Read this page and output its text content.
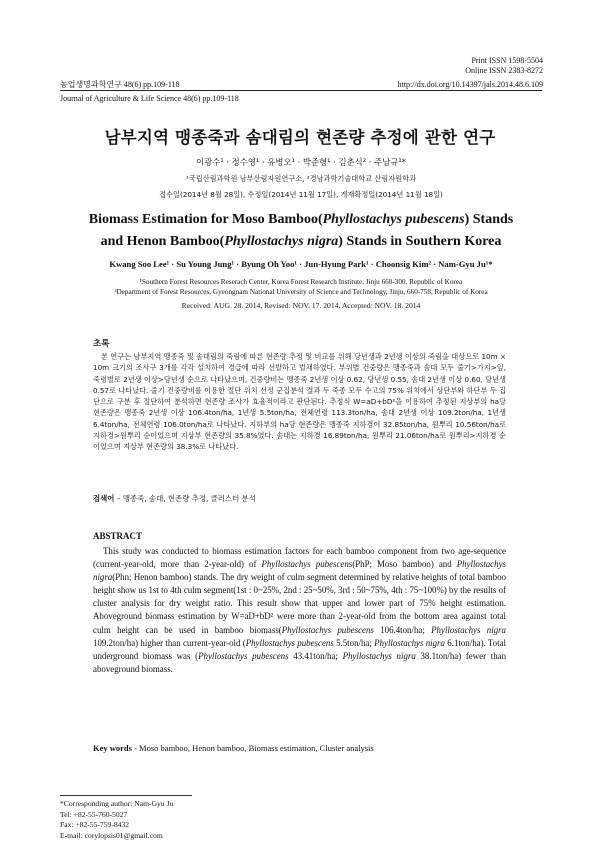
Print ISSN 1598-5504
Online ISSN 2383-8272
농업생명과학연구 48(6) pp.109-118	http://dx.doi.org/10.14397/jals.2014.48.6.109
Journal of Agriculture & Life Science 48(6) pp.109-118
남부지역 맹종죽과 솜대림의 현존량 추정에 관한 연구
이광수¹ · 정수영¹ · 유병오¹ · 박준형¹ · 김춘식² · 주남규¹*
¹국립산림과학원 남부산림자원연구소, ²경남과학기술대학교 산림자원학과
접수일(2014년 8월 28일), 수정일(2014년 11월 17일), 게재확정일(2014년 11월 18일)
Biomass Estimation for Moso Bamboo(Phyllostachys pubescens) Stands
and Henon Bamboo(Phyllostachys nigra) Stands in Southern Korea
Kwang Soo Lee¹ · Su Young Jung¹ · Byung Oh Yoo¹ · Jun-Hyung Park¹ · Choonsig Kim² · Nam-Gyu Ju¹*
¹Southern Forest Resources Reserach Center, Korea Forest Research Institute, Jinju 660-300, Republic of Korea
²Department of Forest Resources, Gyeongnam National University of Science and Technology, Jinju, 660-758, Republic of Korea
Received: AUG. 28. 2014, Revised: NOV. 17. 2014, Accepted: NOV. 18. 2014
초록

본 연구는 남부지역 맹종죽 및 솜대림의 죽림에 따른 현존량 추정 및 비교를 위해 당년생과 2년생 이상의 죽림을 대상으로 10m × 10m 크기의 조사구 3개를 각각 설치하여 경급에 따라 선발하고 벌채하였다. 부위별 건중량은 맹종죽과 솜대 모두 줄기>가지>잎, 죽령별로 2년생 이상>당년생 순으로 나타났으며, 건중량비는 맹종죽 2년생 이상 0.62, 당년생 0.55, 솜대 2년생 이상 0.60, 당년생 0.57로 나타났다. 줄기 건중량비를 이용한 절단 위치 선정 군집분석 결과 두 죽종 모두 수고의 75% 위치에서 상단부와 하단부 두 집단으로 구분 후 절단하여 분석하면 현존량 조사가 효율적이라고 판단된다. 추정식 W=aD+bD²을 이용하여 추정된 지상부의 ha당 현존량은 맹종죽 2년생 이상 106.4ton/ha, 1년생 5.5ton/ha, 전체연령 113.3ton/ha, 솜대 2년생 이상 109.2ton/ha, 1년생 6.4ton/ha, 전체연령 106.0ton/ha로 나타났다. 지하부의 ha당 현존량은 맹종죽 지하경이 32.85ton/ha, 원뿌리 10.56ton/ha로 지하경>원뿌리 순이었으며 지상부 현존량의 35.8%였다. 솜대는 지하경 16.89ton/ha, 원뿌리 21.06ton/ha로 원뿌리>지하경 순이었으며 지상부 현존량의 38.3%로 나타났다.

검색어 – 맹종죽, 솜대, 현존량 추정, 클러스터 분석
ABSTRACT

This study was conducted to biomass estimation factors for each bamboo component from two age-sequence (current-year-old, more than 2-year-old) of Phyllostachys pubescens(PhP; Moso bamboo) and Phyllostachys nigra(Phn; Henon bamboo) stands. The dry weight of culm segment determined by relative heights of total bamboo height show us 1st to 4th culm segment(1st : 0~25%, 2nd : 25~50%, 3rd : 50~75%, 4th : 75~100%) by the results of cluster analysis for dry weight ratio. This result show that upper and lower part of 75% height estimation. Aboveground biomass estimation by W=aD+bD² were more than 2-year-old from the bottom area against total culm height can be used in bamboo biomass(Phyllostachys pubescens 106.4ton/ha; Phyllostachys nigra 109.2ton/ha) higher than current-year-old (Phyllostachys pubescens 5.5ton/ha; Phyllostachys nigra 6.1ton/ha). Total underground biomass was (Phyllostachys pubescens 43.41ton/ha; Phyllostachys nigra 38.1ton/ha) fewer than aboveground biomass.

Key words - Moso bamboo, Henon bamboo, Biomass estimation, Cluster analysis
*Corresponding author: Nam-Gyu Ju
Tel: +82-55-760-5027
Fax: +82-55-759-8432
E-mail: corylopsis01@gmail.com
